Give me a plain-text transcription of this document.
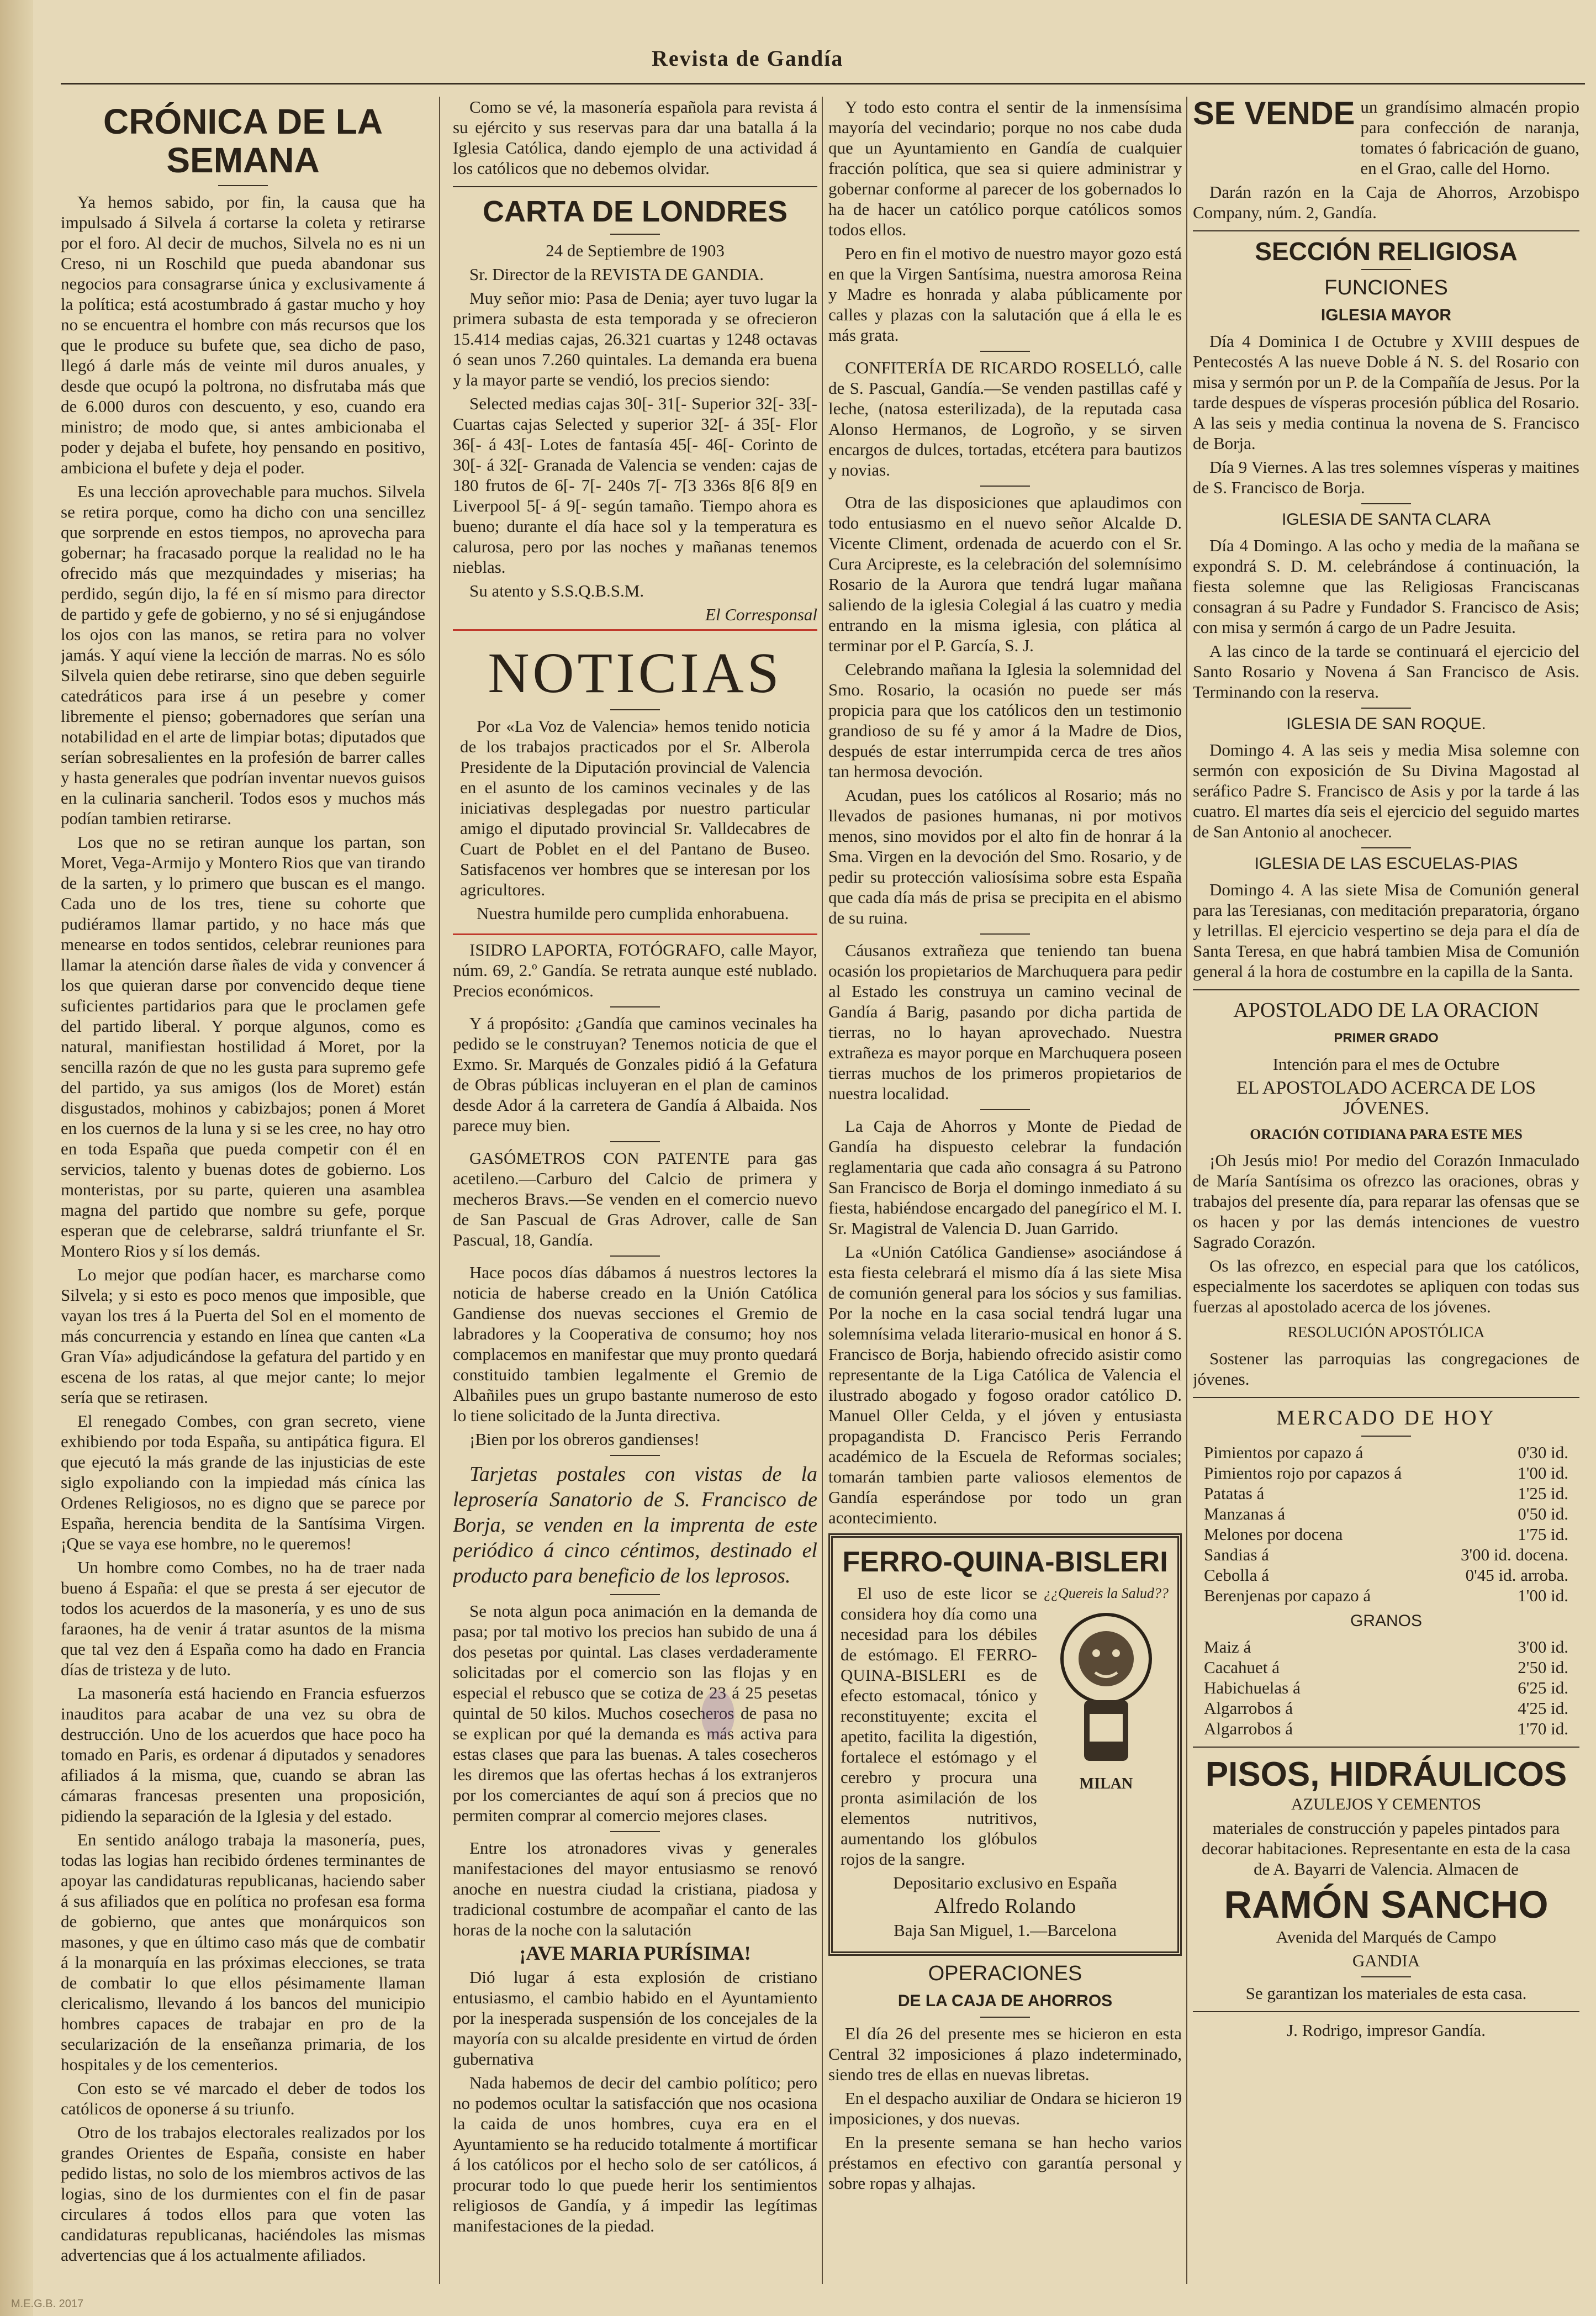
Revista de Gandía
CRÓNICA DE LA SEMANA

Ya hemos sabido, por fin, la causa que ha impulsado á Silvela á cortarse la coleta y retirarse por el foro. Al decir de muchos, Silvela no es ni un Creso, ni un Roschild que pueda abandonar sus negocios para consagrarse única y exclusivamente á la política; está acostumbrado á gastar mucho y hoy no se encuentra el hombre con más recursos que los que le produce su bufete que, sea dicho de paso, llegó á darle más de veinte mil duros anuales, y desde que ocupó la poltrona, no disfrutaba más que de 6.000 duros con descuento, y eso, cuando era ministro; de modo que, si antes ambicionaba el poder y dejaba el bufete, hoy pensando en positivo, ambiciona el bufete y deja el poder.

Es una lección aprovechable para muchos. Silvela se retira porque, como ha dicho con una sencillez que sorprende en estos tiempos, no aprovecha para gobernar; ha fracasado porque la realidad no le ha ofrecido más que mezquindades y miserias; ha perdido, según dijo, la fé en sí mismo para director de partido y gefe de gobierno, y no sé si enjugándose los ojos con las manos, se retira para no volver jamás. Y aquí viene la lección de marras. No es sólo Silvela quien debe retirarse, sino que deben seguirle catedráticos para irse á un pesebre y comer libremente el pienso; gobernadores que serían una notabilidad en el arte de limpiar botas; diputados que serían sobresalientes en la profesión de barrer calles y hasta generales que podrían inventar nuevos guisos en la culinaria sancheril. Todos esos y muchos más podían tambien retirarse.

Los que no se retiran aunque los partan, son Moret, Vega-Armijo y Montero Rios que van tirando de la sarten, y lo primero que buscan es el mango. Cada uno de los tres, tiene su cohorte que pudiéramos llamar partido, y no hace más que menearse en todos sentidos, celebrar reuniones para llamar la atención darse ñales de vida y convencer á los que quieran darse por convencido deque tiene suficientes partidarios para que le proclamen gefe del partido liberal. Y porque algunos, como es natural, manifiestan hostilidad á Moret, por la sencilla razón de que no les gusta para supremo gefe del partido, ya sus amigos (los de Moret) están disgustados, mohinos y cabizbajos; ponen á Moret en los cuernos de la luna y si se les cree, no hay otro en toda España que pueda competir con él en servicios, talento y buenas dotes de gobierno. Los monteristas, por su parte, quieren una asamblea magna del partido que nombre su gefe, porque esperan que de celebrarse, saldrá triunfante el Sr. Montero Rios y sí los demás.

Lo mejor que podían hacer, es marcharse como Silvela; y si esto es poco menos que imposible, que vayan los tres á la Puerta del Sol en el momento de más concurrencia y estando en línea que canten «La Gran Vía» adjudicándose la gefatura del partido y en escena de los ratas, al que mejor cante; lo mejor sería que se retirasen.

El renegado Combes, con gran secreto, viene exhibiendo por toda España, su antipática figura. El que ejecutó la más grande de las injusticias de este siglo expoliando con la impiedad más cínica las Ordenes Religiosos, no es digno que se parece por España, herencia bendita de la Santísima Virgen. ¡Que se vaya ese hombre, no le queremos!

Un hombre como Combes, no ha de traer nada bueno á España: el que se presta á ser ejecutor de todos los acuerdos de la masonería, y es uno de sus faraones, ha de venir á tratar asuntos de la misma que tal vez den á España como ha dado en Francia días de tristeza y de luto.

La masonería está haciendo en Francia esfuerzos inauditos para acabar de una vez su obra de destrucción. Uno de los acuerdos que hace poco ha tomado en Paris, es ordenar á diputados y senadores afiliados á la misma, que, cuando se abran las cámaras francesas presenten una proposición, pidiendo la separación de la Iglesia y del estado.

En sentido análogo trabaja la masonería, pues, todas las logias han recibido órdenes terminantes de apoyar las candidaturas republicanas, haciendo saber á sus afiliados que en política no profesan esa forma de gobierno, que antes que monárquicos son masones, y que en último caso más que de combatir á la monarquía en las próximas elecciones, se trata de combatir lo que ellos pésimamente llaman clericalismo, llevando á los bancos del municipio hombres capaces de trabajar en pro de la secularización de la enseñanza primaria, de los hospitales y de los cementerios.

Con esto se vé marcado el deber de todos los católicos de oponerse á su triunfo.

Otro de los trabajos electorales realizados por los grandes Orientes de España, consiste en haber pedido listas, no solo de los miembros activos de las logias, sino de los durmientes con el fin de pasar circulares á todos ellos para que voten las candidaturas republicanas, haciéndoles las mismas advertencias que á los actualmente afiliados.

Como se vé, la masonería española para revista á su ejército y sus reservas para dar una batalla á la Iglesia Católica, dando ejemplo de una actividad á los católicos que no debemos olvidar.

CARTA DE LONDRES

24 de Septiembre de 1903

Sr. Director de la REVISTA DE GANDIA.

Muy señor mio: Pasa de Denia; ayer tuvo lugar la primera subasta de esta temporada y se ofrecieron 15.414 medias cajas, 26.321 cuartas y 1248 octavas ó sean unos 7.260 quintales. La demanda era buena y la mayor parte se vendió, los precios siendo:

Selected medias cajas 30[- 31[- Superior 32[- 33[- Cuartas cajas Selected y superior 32[- á 35[- Flor 36[- á 43[- Lotes de fantasía 45[- 46[- Corinto de 30[- á 32[- Granada de Valencia se venden: cajas de 180 frutos de 6[- 7[- 240s 7[- 7[3 336s 8[6 8[9 en Liverpool 5[- á 9[- según tamaño. Tiempo ahora es bueno; durante el día hace sol y la temperatura es calurosa, pero por las noches y mañanas tenemos nieblas.

Su atento y S.S.Q.B.S.M.

El Corresponsal

NOTICIAS

Por «La Voz de Valencia» hemos tenido noticia de los trabajos practicados por el Sr. Alberola Presidente de la Diputación provincial de Valencia en el asunto de los caminos vecinales y de las iniciativas desplegadas por nuestro particular amigo el diputado provincial Sr. Valldecabres de Cuart de Poblet en el del Pantano de Buseo. Satisfacenos ver hombres que se interesan por los agricultores.

Nuestra humilde pero cumplida enhorabuena.

ISIDRO LAPORTA, FOTÓGRAFO, calle Mayor, núm. 69, 2.º Gandía. Se retrata aunque esté nublado. Precios económicos.

Y á propósito: ¿Gandía que caminos vecinales ha pedido se le construyan? Tenemos noticia de que el Exmo. Sr. Marqués de Gonzales pidió á la Gefatura de Obras públicas incluyeran en el plan de caminos desde Ador á la carretera de Gandía á Albaida. Nos parece muy bien.

GASÓMETROS CON PATENTE para gas acetileno.—Carburo del Calcio de primera y mecheros Bravs.—Se venden en el comercio nuevo de San Pascual de Gras Adrover, calle de San Pascual, 18, Gandía.

Hace pocos días dábamos á nuestros lectores la noticia de haberse creado en la Unión Católica Gandiense dos nuevas secciones el Gremio de labradores y la Cooperativa de consumo; hoy nos complacemos en manifestar que muy pronto quedará constituido tambien legalmente el Gremio de Albañiles pues un grupo bastante numeroso de esto lo tiene solicitado de la Junta directiva.

¡Bien por los obreros gandienses!

Tarjetas postales con vistas de la leprosería Sanatorio de S. Francisco de Borja, se venden en la imprenta de este periódico á cinco céntimos, destinado el producto para beneficio de los leprosos.

Se nota algun poca animación en la demanda de pasa; por tal motivo los precios han subido de una á dos pesetas por quintal. Las clases verdaderamente solicitadas por el comercio son las flojas y en especial el rebusco que se cotiza de 23 á 25 pesetas quintal de 50 kilos. Muchos cosecheros de pasa no se explican por qué la demanda es más activa para estas clases que para las buenas. A tales cosecheros les diremos que las ofertas hechas á los extranjeros por los comerciantes de aquí son á precios que no permiten comprar al comercio mejores clases.

Entre los atronadores vivas y generales manifestaciones del mayor entusiasmo se renovó anoche en nuestra ciudad la cristiana, piadosa y tradicional costumbre de acompañar el canto de las horas de la noche con la salutación

¡AVE MARIA PURÍSIMA!

Dió lugar á esta explosión de cristiano entusiasmo, el cambio habido en el Ayuntamiento por la inesperada suspensión de los concejales de la mayoría con su alcalde presidente en virtud de órden gubernativa

Nada habemos de decir del cambio político; pero no podemos ocultar la satisfacción que nos ocasiona la caida de unos hombres, cuya era en el Ayuntamiento se ha reducido totalmente á mortificar á los católicos por el hecho solo de ser católicos, á procurar todo lo que puede herir los sentimientos religiosos de Gandía, y á impedir las legítimas manifestaciones de la piedad.

Y todo esto contra el sentir de la inmensísima mayoría del vecindario; porque no nos cabe duda que un Ayuntamiento en Gandía de cualquier fracción política, que sea si quiere administrar y gobernar conforme al parecer de los gobernados lo ha de hacer un católico porque católicos somos todos ellos.

Pero en fin el motivo de nuestro mayor gozo está en que la Virgen Santísima, nuestra amorosa Reina y Madre es honrada y alaba públicamente por calles y plazas con la salutación que á ella le es más grata.

CONFITERÍA DE RICARDO ROSELLÓ, calle de S. Pascual, Gandía.—Se venden pastillas café y leche, (natosa esterilizada), de la reputada casa Alonso Hermanos, de Logroño, y se sirven encargos de dulces, tortadas, etcétera para bautizos y novias.

Otra de las disposiciones que aplaudimos con todo entusiasmo en el nuevo señor Alcalde D. Vicente Climent, ordenada de acuerdo con el Sr. Cura Arcipreste, es la celebración del solemnísimo Rosario de la Aurora que tendrá lugar mañana saliendo de la iglesia Colegial á las cuatro y media entrando en la misma iglesia, con plática al terminar por el P. García, S. J.

Celebrando mañana la Iglesia la solemnidad del Smo. Rosario, la ocasión no puede ser más propicia para que los católicos den un testimonio grandioso de su fé y amor á la Madre de Dios, después de estar interrumpida cerca de tres años tan hermosa devoción.

Acudan, pues los católicos al Rosario; más no llevados de pasiones humanas, ni por motivos menos, sino movidos por el alto fin de honrar á la Sma. Virgen en la devoción del Smo. Rosario, y de pedir su protección valiosísima sobre esta España que cada día más de prisa se precipita en el abismo de su ruina.

Cáusanos extrañeza que teniendo tan buena ocasión los propietarios de Marchuquera para pedir al Estado les construya un camino vecinal de Gandía á Barig, pasando por dicha partida de tierras, no lo hayan aprovechado. Nuestra extrañeza es mayor porque en Marchuquera poseen tierras muchos de los primeros propietarios de nuestra localidad.

La Caja de Ahorros y Monte de Piedad de Gandía ha dispuesto celebrar la fundación reglamentaria que cada año consagra á su Patrono San Francisco de Borja el domingo inmediato á su fiesta, habiéndose encargado del panegírico el M. I. Sr. Magistral de Valencia D. Juan Garrido.

La «Unión Católica Gandiense» asociándose á esta fiesta celebrará el mismo día á las siete Misa de comunión general para los sócios y sus familias. Por la noche en la casa social tendrá lugar una solemnísima velada literario-musical en honor á S. Francisco de Borja, habiendo ofrecido asistir como representante de la Liga Católica de Valencia el ilustrado abogado y fogoso orador católico D. Manuel Oller Celda, y el jóven y entusiasta propagandista D. Francisco Peris Ferrando académico de la Escuela de Reformas sociales; tomarán tambien parte valiosos elementos de Gandía esperándose por todo un gran acontecimiento.

FERRO-QUINA-BISLERI

El uso de este licor se considera hoy día como una necesidad para los débiles de estómago. El FERRO-QUINA-BISLERI es de efecto estomacal, tónico y reconstituyente; excita el apetito, facilita la digestión, fortalece el estómago y el cerebro y procura una pronta asimilación de los elementos nutritivos, aumentando los glóbulos rojos de la sangre.

¿¿Quereis la Salud??
MILAN

Depositario exclusivo en España

Alfredo Rolando

Baja San Miguel, 1.—Barcelona

OPERACIONES
DE LA CAJA DE AHORROS

El día 26 del presente mes se hicieron en esta Central 32 imposiciones á plazo indeterminado, siendo tres de ellas en nuevas libretas.

En el despacho auxiliar de Ondara se hicieron 19 imposiciones, y dos nuevas.

En la presente semana se han hecho varios préstamos en efectivo con garantía personal y sobre ropas y alhajas.

SE VENDE un grandísimo almacén propio para confección de naranja, tomates ó fabricación de guano, en el Grao, calle del Horno.

Darán razón en la Caja de Ahorros, Arzobispo Company, núm. 2, Gandía.

SECCIÓN RELIGIOSA
FUNCIONES
IGLESIA MAYOR

Día 4 Dominica I de Octubre y XVIII despues de Pentecostés A las nueve Doble á N. S. del Rosario con misa y sermón por un P. de la Compañía de Jesus. Por la tarde despues de vísperas procesión pública del Rosario. A las seis y media continua la novena de S. Francisco de Borja.

Día 9 Viernes. A las tres solemnes vísperas y maitines de S. Francisco de Borja.

IGLESIA DE SANTA CLARA

Día 4 Domingo. A las ocho y media de la mañana se expondrá S. D. M. celebrándose á continuación, la fiesta solemne que las Religiosas Franciscanas consagran á su Padre y Fundador S. Francisco de Asis; con misa y sermón á cargo de un Padre Jesuita.

A las cinco de la tarde se continuará el ejercicio del Santo Rosario y Novena á San Francisco de Asis. Terminando con la reserva.

IGLESIA DE SAN ROQUE.

Domingo 4. A las seis y media Misa solemne con sermón con exposición de Su Divina Magostad al seráfico Padre S. Francisco de Asis y por la tarde á las cuatro. El martes día seis el ejercicio del seguido martes de San Antonio al anochecer.

IGLESIA DE LAS ESCUELAS-PIAS

Domingo 4. A las siete Misa de Comunión general para las Teresianas, con meditación preparatoria, órgano y letrillas. El ejercicio vespertino se deja para el día de Santa Teresa, en que habrá tambien Misa de Comunión general á la hora de costumbre en la capilla de la Santa.

APOSTOLADO DE LA ORACION
PRIMER GRADO

Intención para el mes de Octubre

EL APOSTOLADO ACERCA DE LOS JÓVENES.

ORACIÓN COTIDIANA PARA ESTE MES

¡Oh Jesús mio! Por medio del Corazón Inmaculado de María Santísima os ofrezco las oraciones, obras y trabajos del presente día, para reparar las ofensas que se os hacen y por las demás intenciones de vuestro Sagrado Corazón.

Os las ofrezco, en especial para que los católicos, especialmente los sacerdotes se apliquen con todas sus fuerzas al apostolado acerca de los jóvenes.

RESOLUCIÓN APOSTÓLICA

Sostener las parroquias las congregaciones de jóvenes.

MERCADO DE HOY

Pimientos por capazo á	0'30 id.

Pimientos rojo por capazos á	1'00 id.

Patatas á	1'25 id.

Manzanas á	0'50 id.

Melones por docena	1'75 id.

Sandias á	3'00 id. docena.

Cebolla á	0'45 id. arroba.

Berenjenas por capazo á	1'00 id.

GRANOS

Maiz á	3'00 id.

Cacahuet á	2'50 id.

Habichuelas á	6'25 id.

Algarrobos á	4'25 id.

Algarrobos á	1'70 id.

PISOS, HIDRÁULICOS

AZULEJOS Y CEMENTOS

materiales de construcción y papeles pintados para decorar habitaciones. Representante en esta de la casa de A. Bayarri de Valencia. Almacen de

RAMÓN SANCHO

Avenida del Marqués de Campo

GANDIA

Se garantizan los materiales de esta casa.

J. Rodrigo, impresor Gandía.

M.E.G.B. 2017
